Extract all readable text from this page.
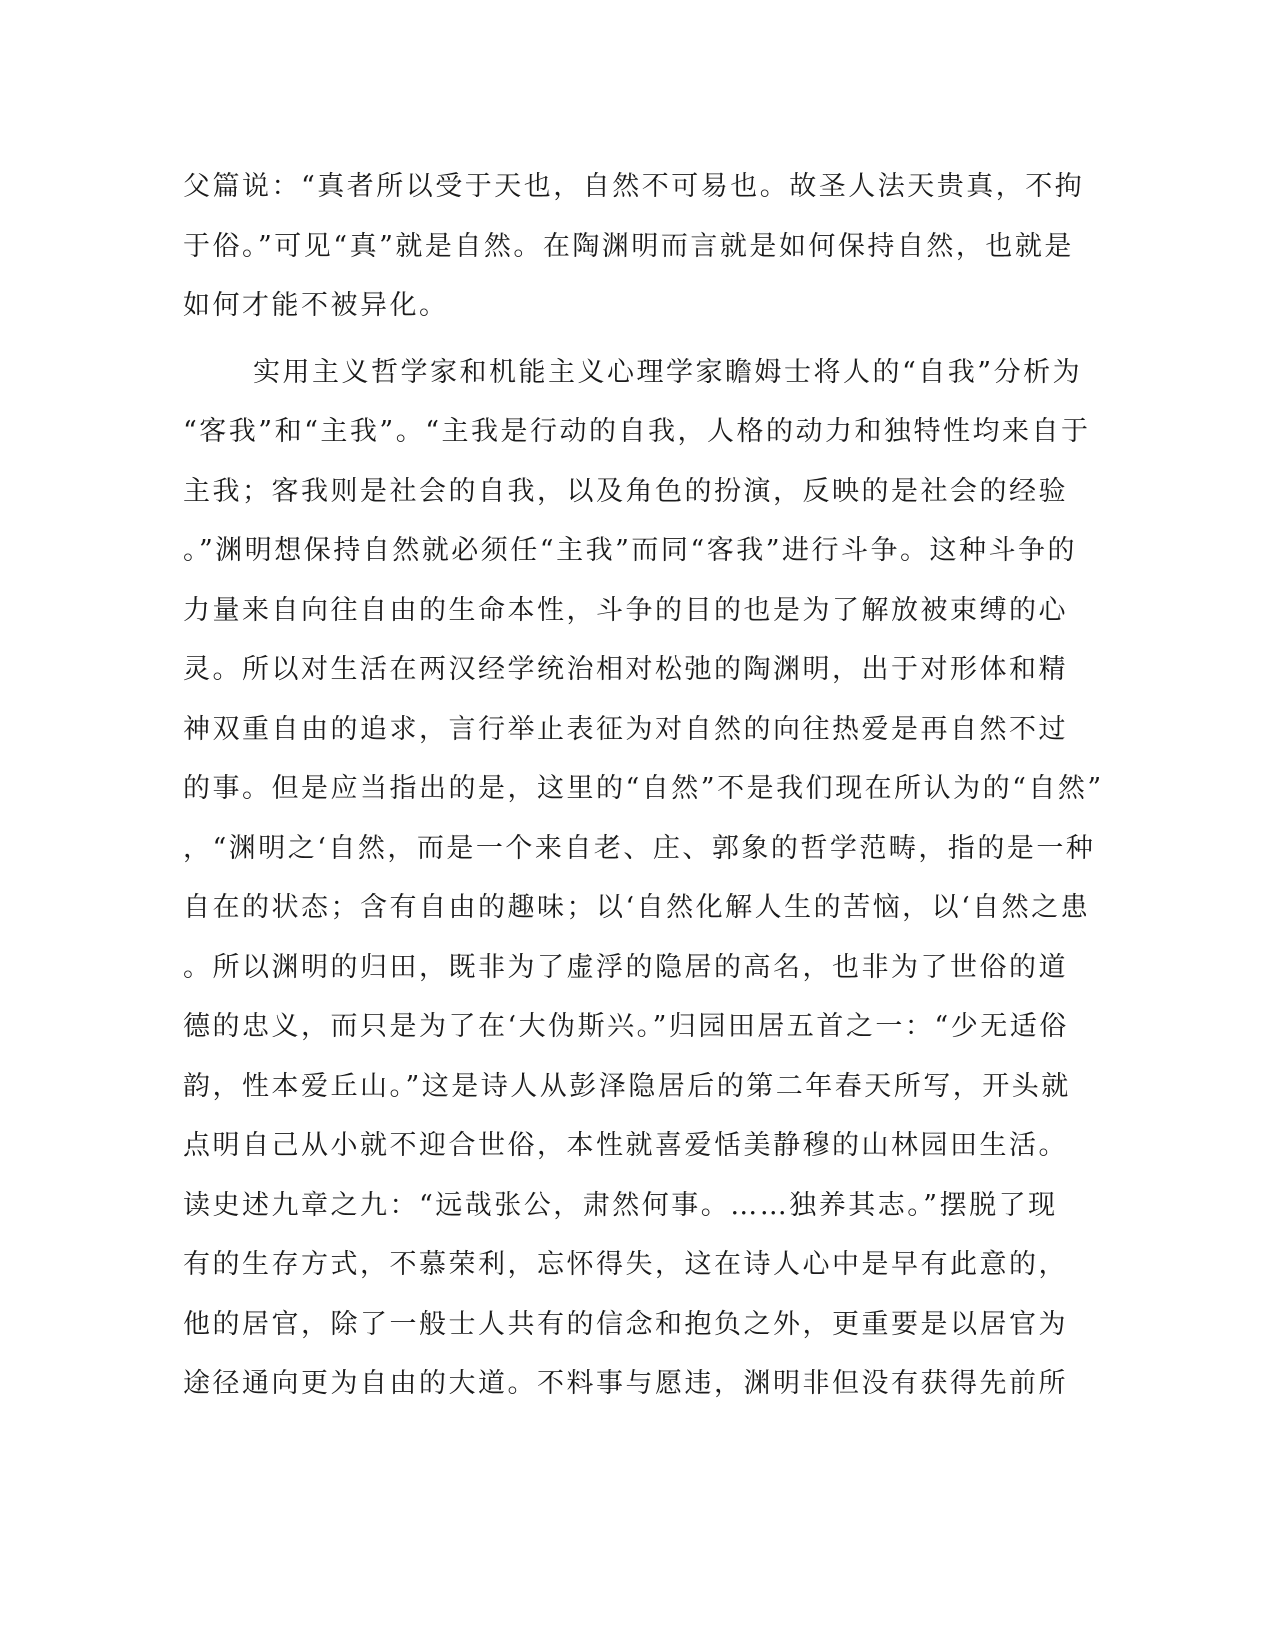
父篇说：“真者所以受于天也，自然不可易也。故圣人法天贵真，不拘
于俗。”可见“真”就是自然。在陶渊明而言就是如何保持自然，也就是
如何才能不被异化。
实用主义哲学家和机能主义心理学家瞻姆士将人的“自我”分析为
“客我”和“主我”。“主我是行动的自我，人格的动力和独特性均来自于
主我；客我则是社会的自我，以及角色的扮演，反映的是社会的经验
。”渊明想保持自然就必须任“主我”而同“客我”进行斗争。这种斗争的
力量来自向往自由的生命本性，斗争的目的也是为了解放被束缚的心
灵。所以对生活在两汉经学统治相对松弛的陶渊明，出于对形体和精
神双重自由的追求，言行举止表征为对自然的向往热爱是再自然不过
的事。但是应当指出的是，这里的“自然”不是我们现在所认为的“自然”
，“渊明之‘自然，而是一个来自老、庄、郭象的哲学范畴，指的是一种
自在的状态；含有自由的趣味；以‘自然化解人生的苦恼，以‘自然之患
。所以渊明的归田，既非为了虚浮的隐居的高名，也非为了世俗的道
德的忠义，而只是为了在‘大伪斯兴。”归园田居五首之一：“少无适俗
韵，性本爱丘山。”这是诗人从彭泽隐居后的第二年春天所写，开头就
点明自己从小就不迎合世俗，本性就喜爱恬美静穆的山林园田生活。
读史述九章之九：“远哉张公，肃然何事。……独养其志。”摆脱了现
有的生存方式，不慕荣利，忘怀得失，这在诗人心中是早有此意的，
他的居官，除了一般士人共有的信念和抱负之外，更重要是以居官为
途径通向更为自由的大道。不料事与愿违，渊明非但没有获得先前所
